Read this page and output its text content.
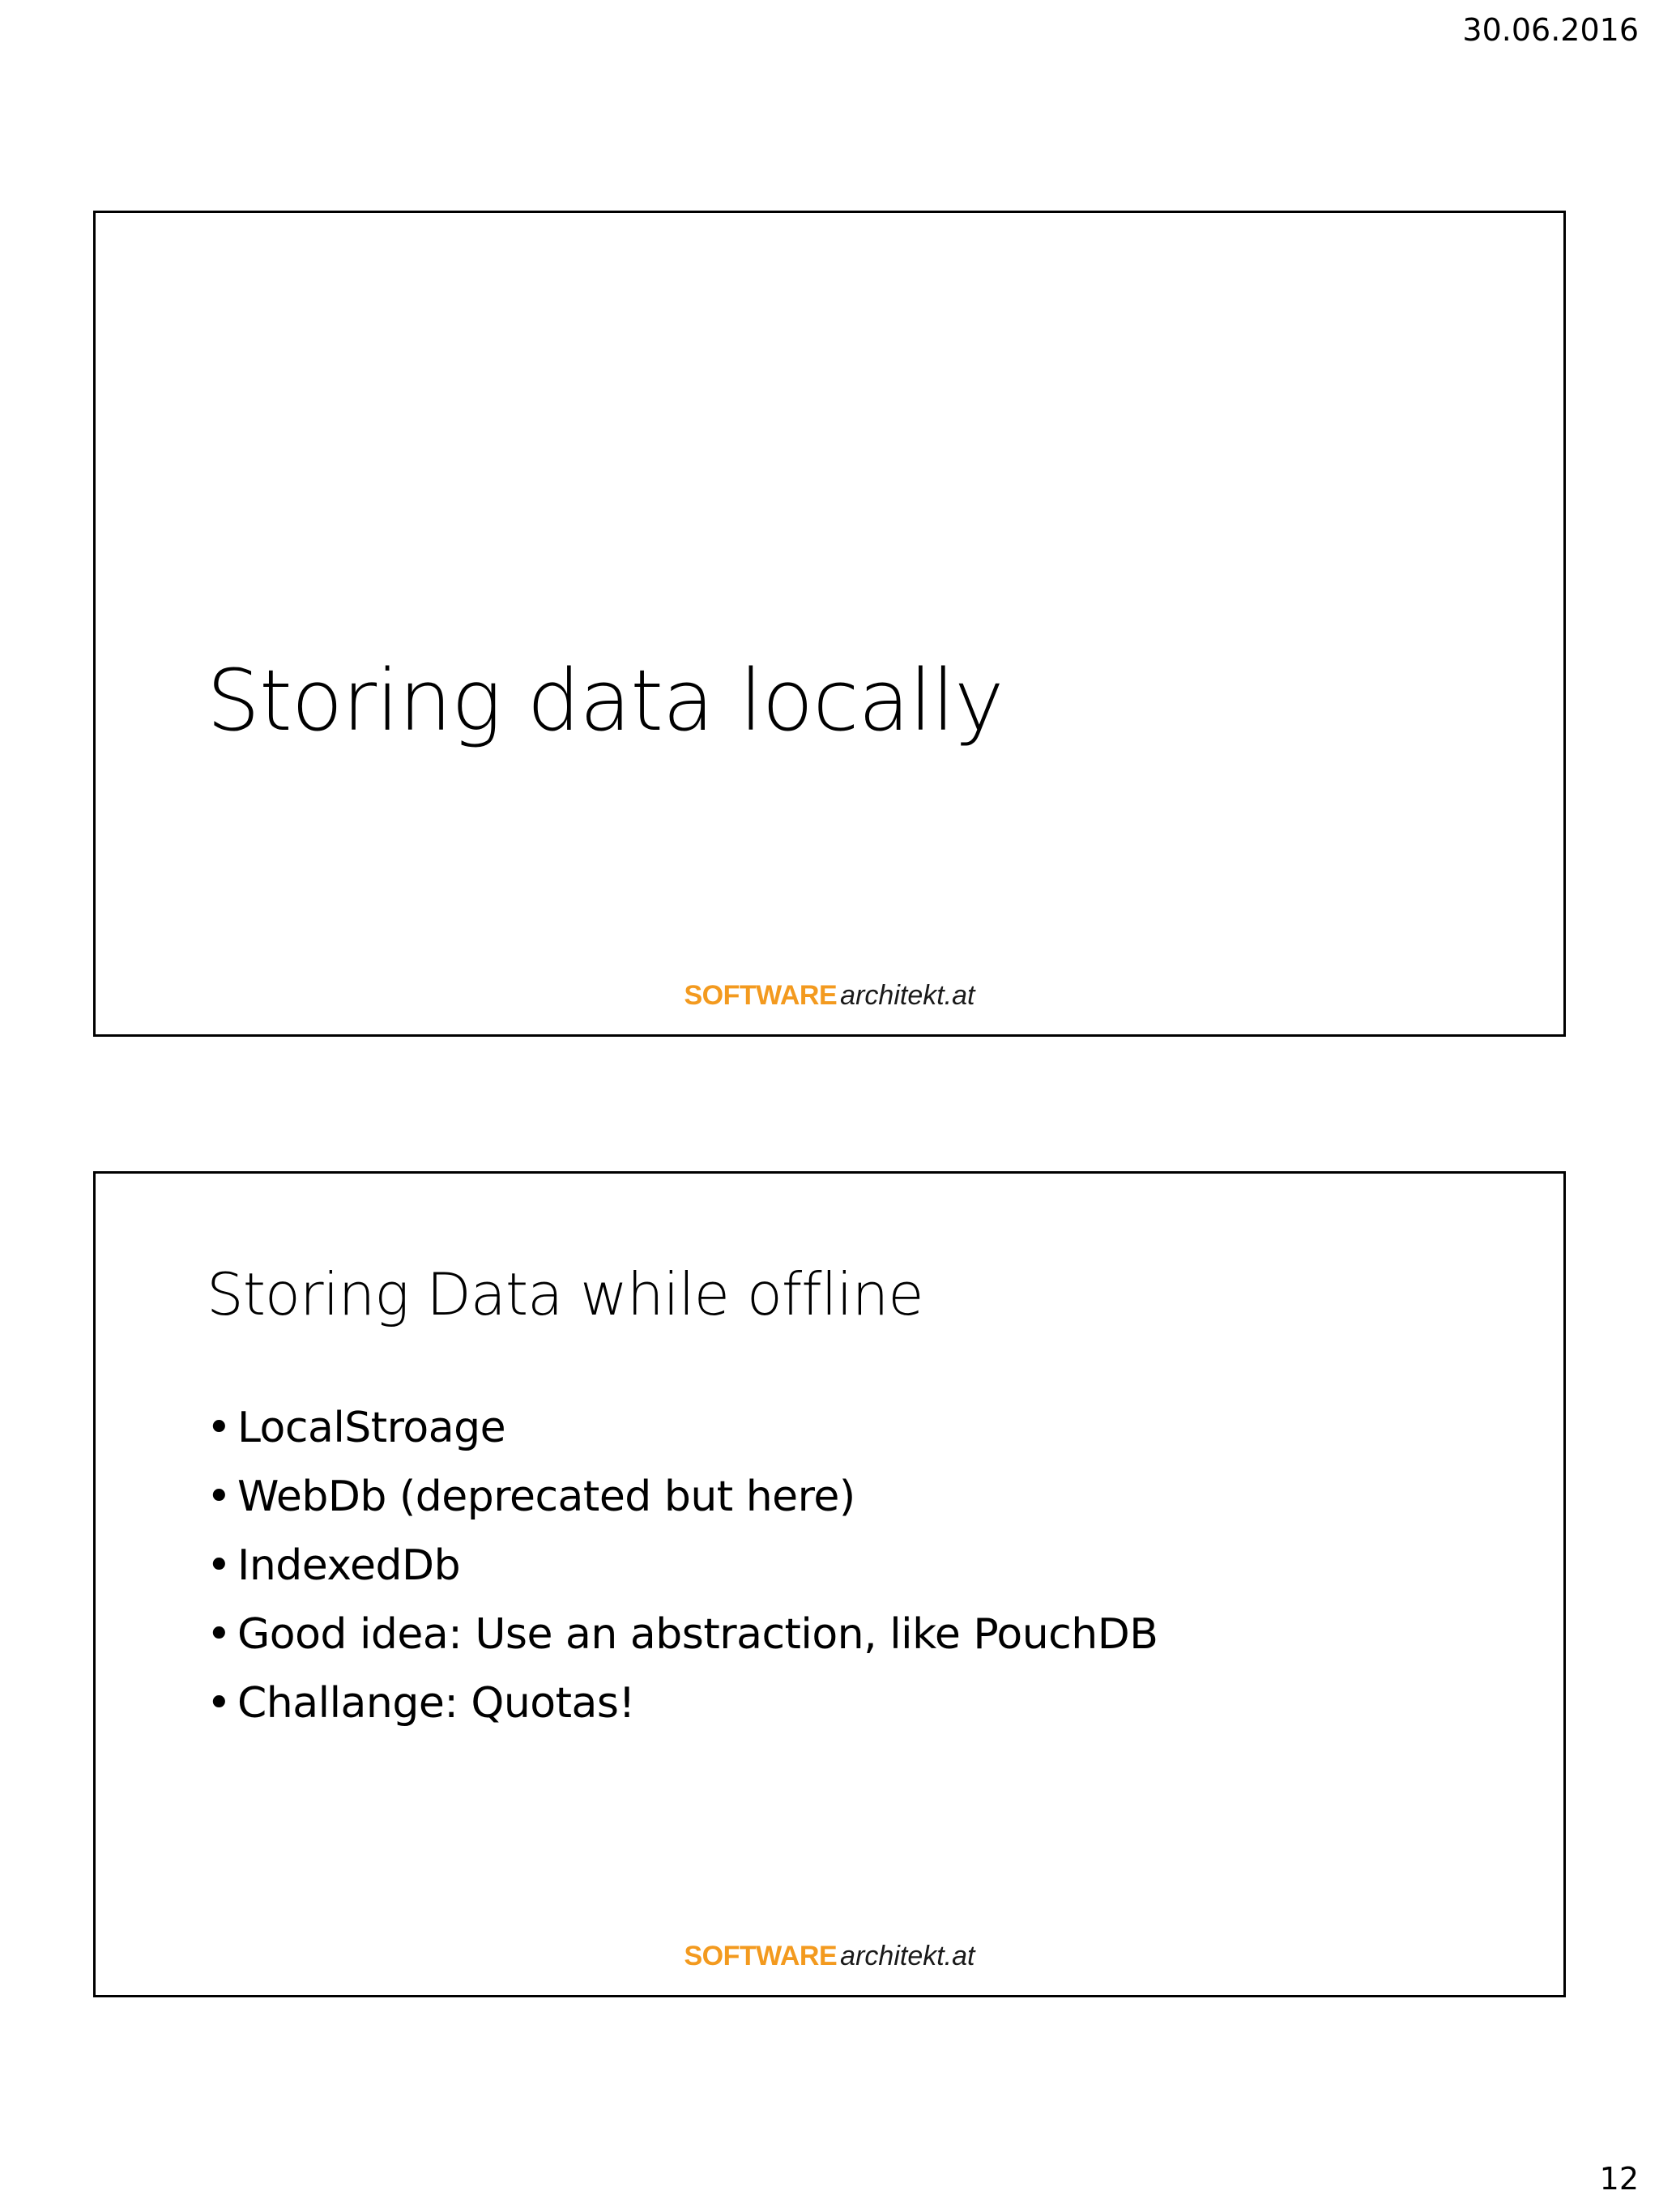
30.06.2016
Storing data locally
SOFTWARE architekt.at
Storing Data while offline
• LocalStroage
• WebDb (deprecated but here)
• IndexedDb
• Good idea: Use an abstraction, like PouchDB
• Challange: Quotas!
SOFTWARE architekt.at
12
